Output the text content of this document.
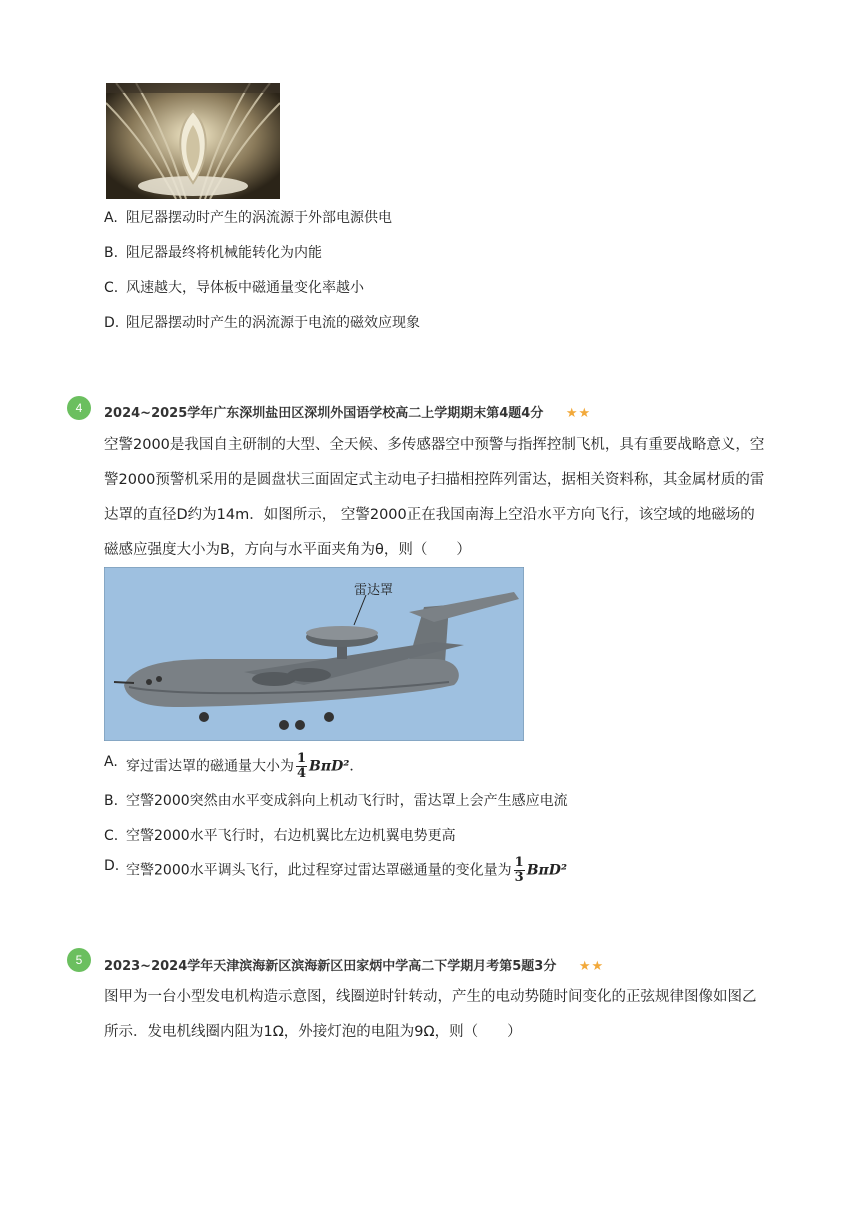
A. 阻尼器摆动时产生的涡流源于外部电源供电
B. 阻尼器最终将机械能转化为内能
C. 风速越大，导体板中磁通量变化率越小
D. 阻尼器摆动时产生的涡流源于电流的磁效应现象
4	2024~2025学年广东深圳盐田区深圳外国语学校高二上学期期末第4题4分 ★★
空警2000是我国自主研制的大型、全天候、多传感器空中预警与指挥控制飞机，具有重要战略意义，空
警2000预警机采用的是圆盘状三面固定式主动电子扫描相控阵列雷达，据相关资料称，其金属材质的雷
达罩的直径D约为14m．如图所示， 空警2000正在我国南海上空沿水平方向飞行，该空域的地磁场的
磁感应强度大小为B，方向与水平面夹角为θ，则（　　）
雷达罩
A. 穿过雷达罩的磁通量大小为 $\frac{1}{4} B\pi D^2$．
B. 空警2000突然由水平变成斜向上机动飞行时，雷达罩上会产生感应电流
C. 空警2000水平飞行时，右边机翼比左边机翼电势更高
D. 空警2000水平调头飞行，此过程穿过雷达罩磁通量的变化量为 $\frac{1}{3} B\pi D^2$
5	2023~2024学年天津滨海新区滨海新区田家炳中学高二下学期月考第5题3分 ★★
图甲为一台小型发电机构造示意图，线圈逆时针转动，产生的电动势随时间变化的正弦规律图像如图乙
所示．发电机线圈内阻为1Ω，外接灯泡的电阻为9Ω，则（　　）
